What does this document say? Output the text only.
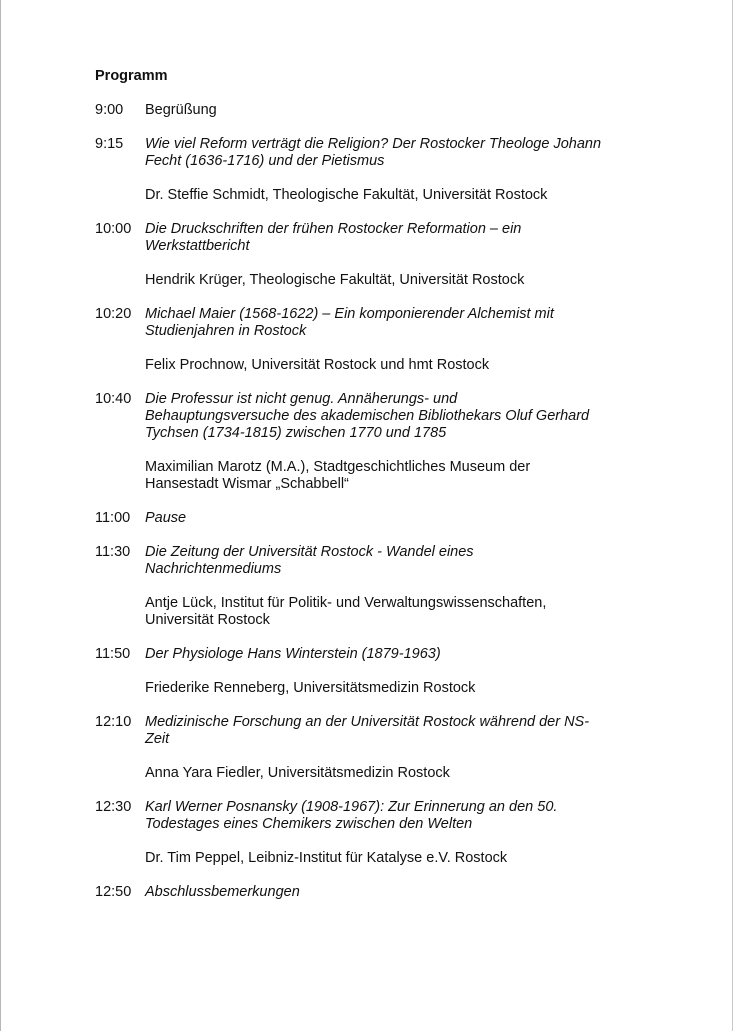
Programm
9:00	Begrüßung
9:15	Wie viel Reform verträgt die Religion? Der Rostocker Theologe Johann
Fecht (1636-1716) und der Pietismus
Dr. Steffie Schmidt, Theologische Fakultät, Universität Rostock
10:00 Die Druckschriften der frühen Rostocker Reformation – ein
Werkstattbericht
Hendrik Krüger, Theologische Fakultät, Universität Rostock
10:20 Michael Maier (1568-1622) – Ein komponierender Alchemist mit
Studienjahren in Rostock
Felix Prochnow, Universität Rostock und hmt Rostock
10:40 Die Professur ist nicht genug. Annäherungs- und
Behauptungsversuche des akademischen Bibliothekars Oluf Gerhard
Tychsen (1734-1815) zwischen 1770 und 1785
Maximilian Marotz (M.A.), Stadtgeschichtliches Museum der
Hansestadt Wismar „Schabbell“
11:00	Pause
11:30	Die Zeitung der Universität Rostock - Wandel eines
Nachrichtenmediums
Antje Lück, Institut für Politik- und Verwaltungswissenschaften,
Universität Rostock
11:50	Der Physiologe Hans Winterstein (1879-1963)
Friederike Renneberg, Universitätsmedizin Rostock
12:10 Medizinische Forschung an der Universität Rostock während der NS-
Zeit
Anna Yara Fiedler, Universitätsmedizin Rostock
12:30 Karl Werner Posnansky (1908-1967): Zur Erinnerung an den 50.
Todestages eines Chemikers zwischen den Welten
Dr. Tim Peppel, Leibniz-Institut für Katalyse e.V. Rostock
12:50 Abschlussbemerkungen
